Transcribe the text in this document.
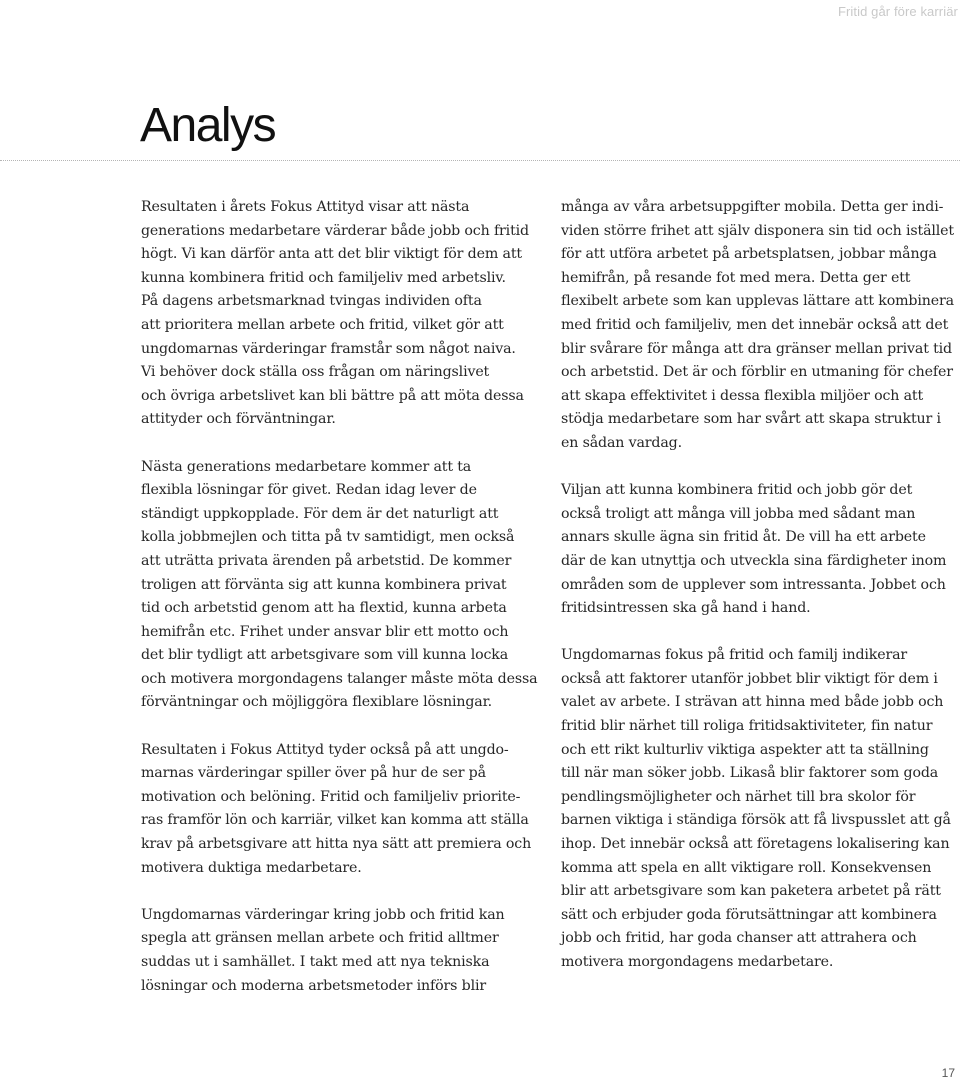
Fritid går före karriär
Analys

Resultaten i årets Fokus Attityd visar att nästa
generations medarbetare värderar både jobb och fritid
högt. Vi kan därför anta att det blir viktigt för dem att
kunna kombinera fritid och familjeliv med arbetsliv.
På dagens arbetsmarknad tvingas individen ofta
att prioritera mellan arbete och fritid, vilket gör att
ungdomarnas värderingar framstår som något naiva.
Vi behöver dock ställa oss frågan om näringslivet
och övriga arbetslivet kan bli bättre på att möta dessa
attityder och förväntningar.

Nästa generations medarbetare kommer att ta
flexibla lösningar för givet. Redan idag lever de
ständigt uppkopplade. För dem är det naturligt att
kolla jobbmejlen och titta på tv samtidigt, men också
att uträtta privata ärenden på arbetstid. De kommer
troligen att förvänta sig att kunna kombinera privat
tid och arbetstid genom att ha flextid, kunna arbeta
hemifrån etc. Frihet under ansvar blir ett motto och
det blir tydligt att arbetsgivare som vill kunna locka
och motivera morgondagens talanger måste möta dessa
förväntningar och möjliggöra flexiblare lösningar.

Resultaten i Fokus Attityd tyder också på att ungdo-
marnas värderingar spiller över på hur de ser på
motivation och belöning. Fritid och familjeliv priorite-
ras framför lön och karriär, vilket kan komma att ställa
krav på arbetsgivare att hitta nya sätt att premiera och
motivera duktiga medarbetare.

Ungdomarnas värderingar kring jobb och fritid kan
spegla att gränsen mellan arbete och fritid alltmer
suddas ut i samhället. I takt med att nya tekniska
lösningar och moderna arbetsmetoder införs blir

många av våra arbetsuppgifter mobila. Detta ger indi-
viden större frihet att själv disponera sin tid och istället
för att utföra arbetet på arbetsplatsen, jobbar många
hemifrån, på resande fot med mera. Detta ger ett
flexibelt arbete som kan upplevas lättare att kombinera
med fritid och familjeliv, men det innebär också att det
blir svårare för många att dra gränser mellan privat tid
och arbetstid. Det är och förblir en utmaning för chefer
att skapa effektivitet i dessa flexibla miljöer och att
stödja medarbetare som har svårt att skapa struktur i
en sådan vardag.

Viljan att kunna kombinera fritid och jobb gör det
också troligt att många vill jobba med sådant man
annars skulle ägna sin fritid åt. De vill ha ett arbete
där de kan utnyttja och utveckla sina färdigheter inom
områden som de upplever som intressanta. Jobbet och
fritidsintressen ska gå hand i hand.

Ungdomarnas fokus på fritid och familj indikerar
också att faktorer utanför jobbet blir viktigt för dem i
valet av arbete. I strävan att hinna med både jobb och
fritid blir närhet till roliga fritidsaktiviteter, fin natur
och ett rikt kulturliv viktiga aspekter att ta ställning
till när man söker jobb. Likaså blir faktorer som goda
pendlingsmöjligheter och närhet till bra skolor för
barnen viktiga i ständiga försök att få livspusslet att gå
ihop. Det innebär också att företagens lokalisering kan
komma att spela en allt viktigare roll. Konsekvensen
blir att arbetsgivare som kan paketera arbetet på rätt
sätt och erbjuder goda förutsättningar att kombinera
jobb och fritid, har goda chanser att attrahera och
motivera morgondagens medarbetare.

17
